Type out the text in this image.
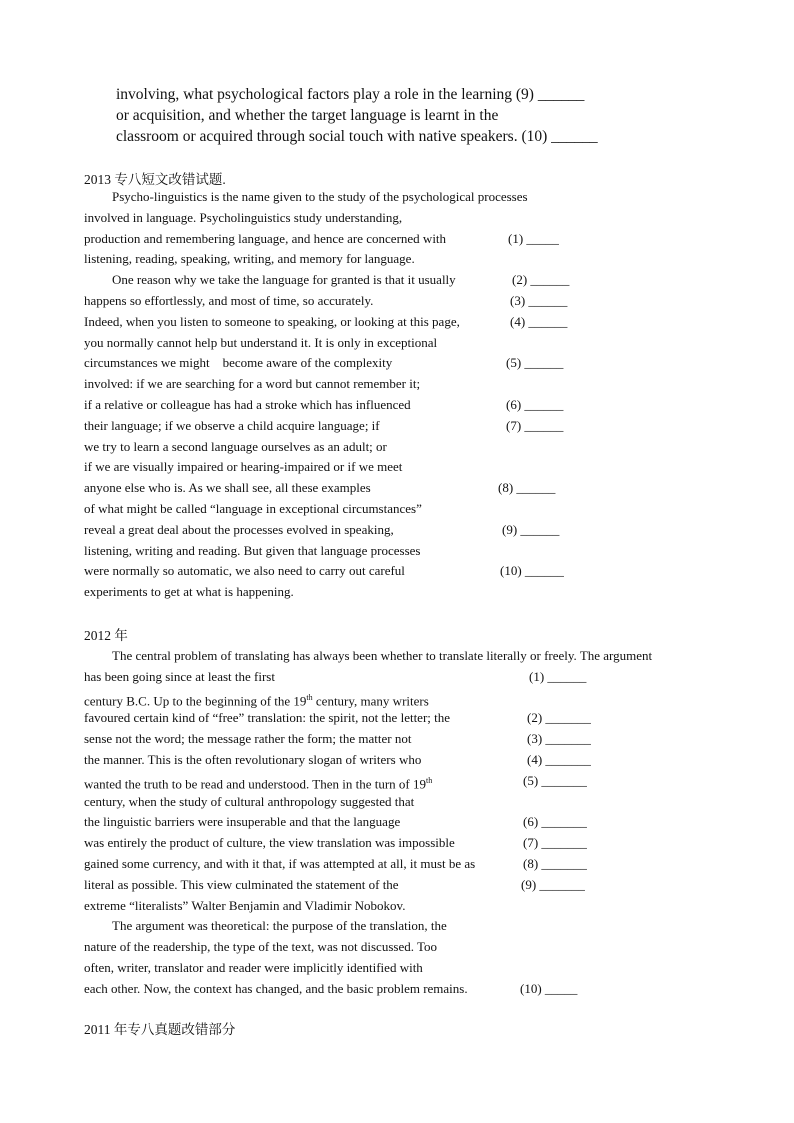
involving, what psychological factors play a role in the learning (9) ______
or acquisition, and whether the target language is learnt in the
classroom or acquired through social touch with native speakers. (10) ______
2013 专八短文改错试题.
Psycho-linguistics is the name given to the study of the psychological processes
involved in language. Psycholinguistics study understanding,
production and remembering language, and hence are concerned with	(1) _____
listening, reading, speaking, writing, and memory for language.
One reason why we take the language for granted is that it usually	(2) ______
happens so effortlessly, and most of time, so accurately.	(3) ______
Indeed, when you listen to someone to speaking, or looking at this page,	(4) ______
you normally cannot help but understand it. It is only in exceptional
circumstances we might    become aware of the complexity	(5) ______
involved: if we are searching for a word but cannot remember it;
if a relative or colleague has had a stroke which has influenced	(6) ______
their language; if we observe a child acquire language; if	(7) ______
we try to learn a second language ourselves as an adult; or
if we are visually impaired or hearing-impaired or if we meet
anyone else who is. As we shall see, all these examples	(8) ______
of what might be called “language in exceptional circumstances”
reveal a great deal about the processes evolved in speaking,	(9) ______
listening, writing and reading. But given that language processes
were normally so automatic, we also need to carry out careful	(10) ______
experiments to get at what is happening.
2012 年
The central problem of translating has always been whether to translate literally or freely. The argument
has been going since at least the first	(1) ______
century B.C. Up to the beginning of the 19th century, many writers
favoured certain kind of “free” translation: the spirit, not the letter; the	(2) _______
sense not the word; the message rather the form; the matter not	(3) _______
the manner. This is the often revolutionary slogan of writers who	(4) _______
wanted the truth to be read and understood. Then in the turn of 19th	(5) _______
century, when the study of cultural anthropology suggested that
the linguistic barriers were insuperable and that the language	(6) _______
was entirely the product of culture, the view translation was impossible	(7) _______
gained some currency, and with it that, if was attempted at all, it must be as	(8) _______
literal as possible. This view culminated the statement of the	(9) _______
extreme “literalists” Walter Benjamin and Vladimir Nobokov.
The argument was theoretical: the purpose of the translation, the
nature of the readership, the type of the text, was not discussed. Too
often, writer, translator and reader were implicitly identified with
each other. Now, the context has changed, and the basic problem remains.	(10) _____
2011 年专八真题改错部分
